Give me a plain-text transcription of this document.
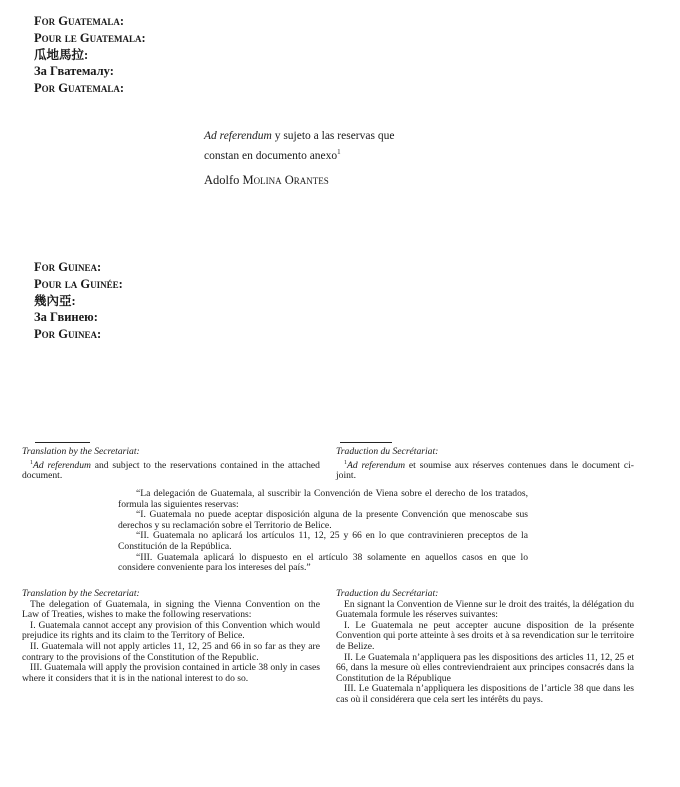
For Guatemala:
Pour le Guatemala:
瓜地馬拉:
За Гватемалу:
Por Guatemala:
Ad referendum y sujeto a las reservas que
constan en documento anexo$^1$
Adolfo Molina Orantes
For Guinea:
Pour la Guinée:
幾內亞:
За Гвинею:
Por Guinea:

Translation by the Secretariat:

$^1$Ad referendum and subject to the reservations contained in the attached document.

Traduction du Secrétariat:

$^1$Ad referendum et soumise aux réserves contenues dans le document ci-joint.

“La delegación de Guatemala, al suscribir la Convención de Viena sobre el derecho de los tratados, formula las siguientes reservas:

“I. Guatemala no puede aceptar disposición alguna de la presente Convención que menoscabe sus derechos y su reclamación sobre el Territorio de Belice.

“II. Guatemala no aplicará los artículos 11, 12, 25 y 66 en lo que contravinieren preceptos de la Constitución de la República.

“III. Guatemala aplicará lo dispuesto en el artículo 38 solamente en aquellos casos en que lo considere conveniente para los intereses del país.”

Translation by the Secretariat:

The delegation of Guatemala, in signing the Vienna Convention on the Law of Treaties, wishes to make the following reservations:

I. Guatemala cannot accept any provision of this Convention which would prejudice its rights and its claim to the Territory of Belice.

II. Guatemala will not apply articles 11, 12, 25 and 66 in so far as they are contrary to the provisions of the Constitution of the Republic.

III. Guatemala will apply the provision contained in article 38 only in cases where it considers that it is in the national interest to do so.

Traduction du Secrétariat:

En signant la Convention de Vienne sur le droit des traités, la délégation du Guatemala formule les réserves suivantes:

I. Le Guatemala ne peut accepter aucune disposition de la présente Convention qui porte atteinte à ses droits et à sa revendication sur le territoire de Belize.

II. Le Guatemala n’appliquera pas les dispositions des articles 11, 12, 25 et 66, dans la mesure où elles contreviendraient aux principes consacrés dans la Constitution de la République

III. Le Guatemala n’appliquera les dispositions de l’article 38 que dans les cas où il considérera que cela sert les intérêts du pays.
